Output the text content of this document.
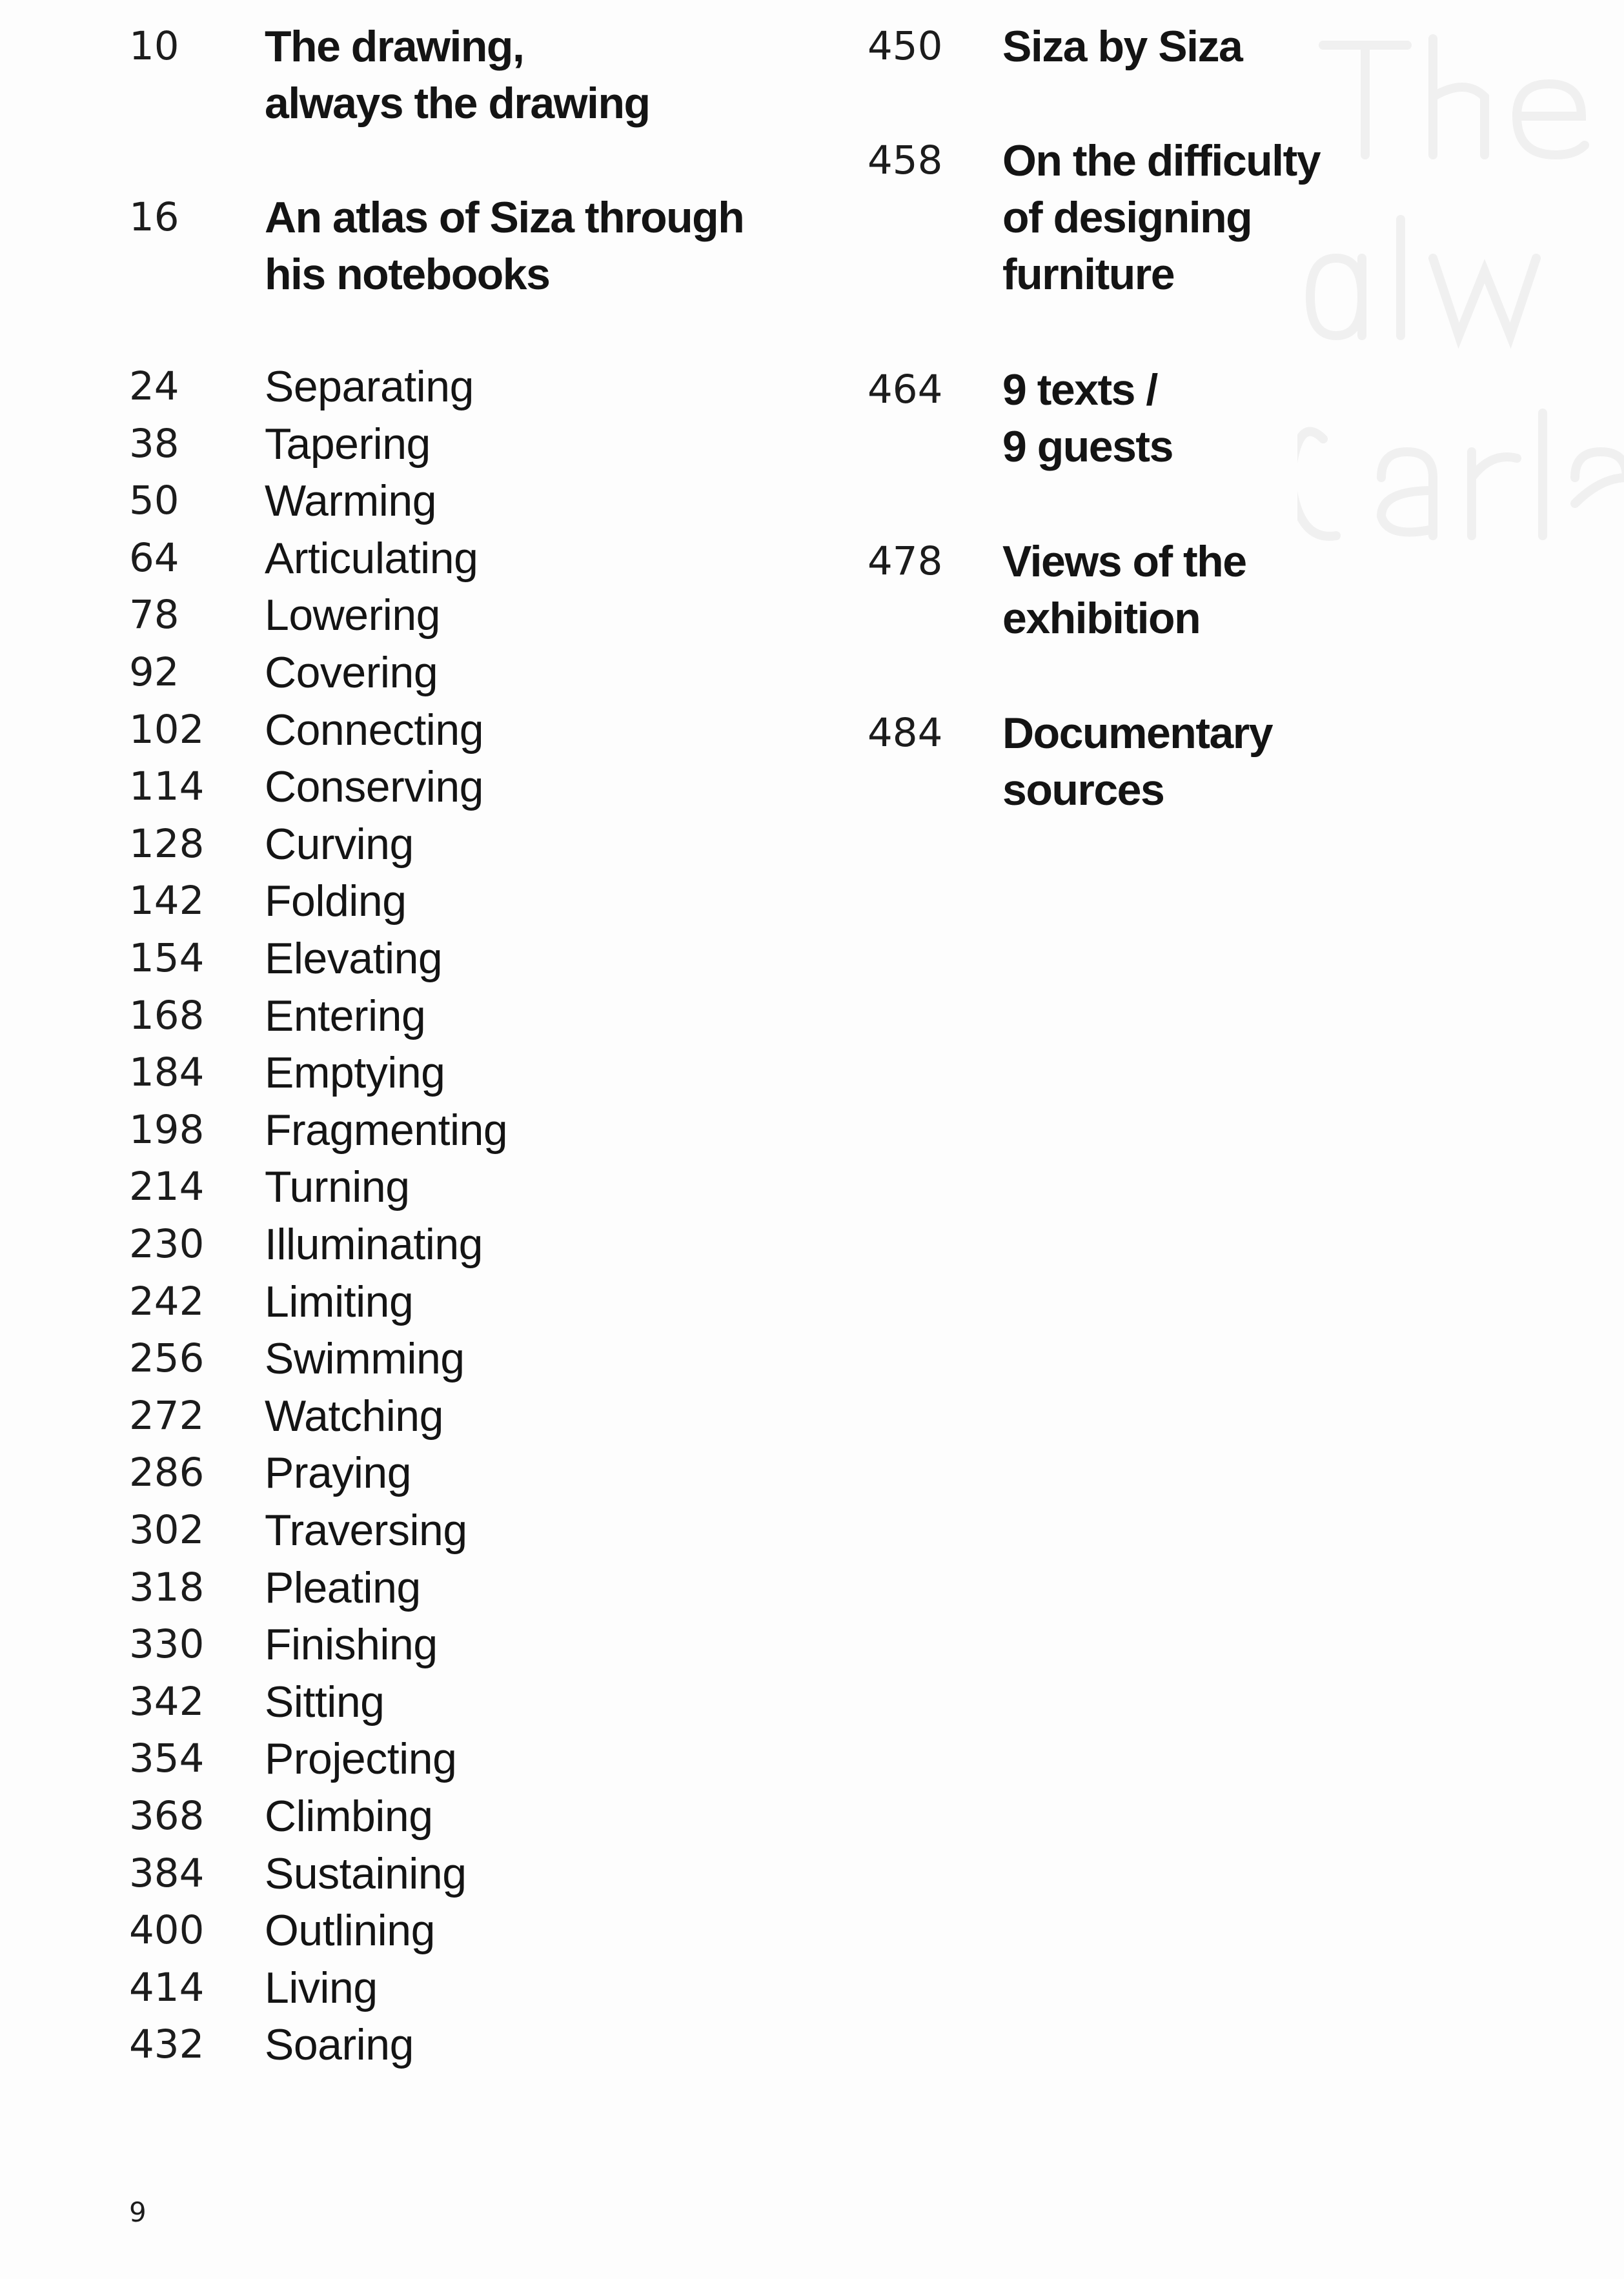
10 The drawing,
always the drawing
16 An atlas of Siza through
his notebooks
24 Separating
38 Tapering
50 Warming
64 Articulating
78 Lowering
92 Covering
102 Connecting
114 Conserving
128 Curving
142 Folding
154 Elevating
168 Entering
184 Emptying
198 Fragmenting
214 Turning
230 Illuminating
242 Limiting
256 Swimming
272 Watching
286 Praying
302 Traversing
318 Pleating
330 Finishing
342 Sitting
354 Projecting
368 Climbing
384 Sustaining
400 Outlining
414 Living
432 Soaring
450 Siza by Siza
458 On the difficulty
of designing
furniture
464 9 texts /
9 guests
478 Views of the
exhibition
484 Documentary
sources
9
